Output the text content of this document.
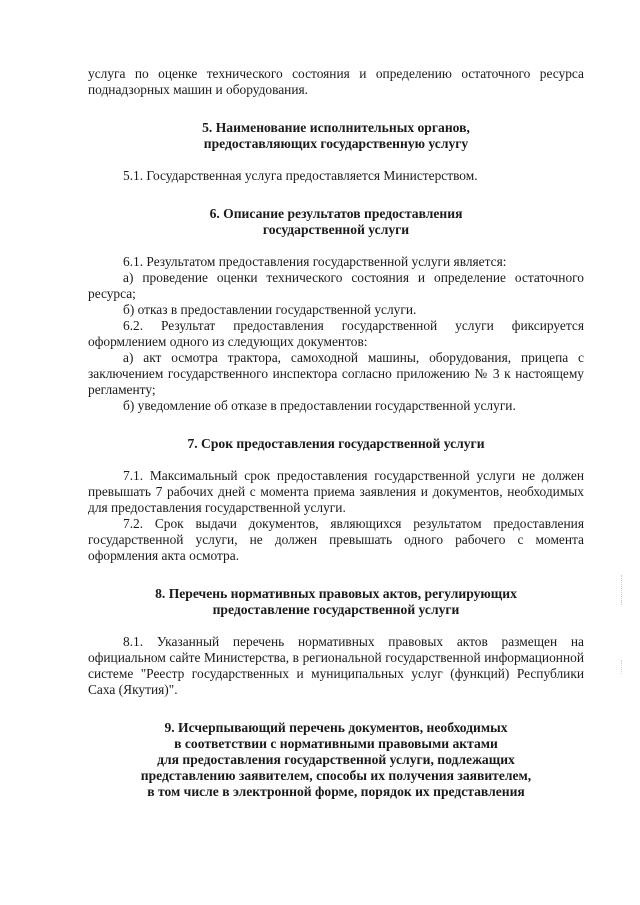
услуга по оценке технического состояния и определению остаточного ресурса поднадзорных машин и оборудования.

5. Наименование исполнительных органов,
предоставляющих государственную услугу

5.1. Государственная услуга предоставляется Министерством.

6. Описание результатов предоставления
государственной услуги

6.1. Результатом предоставления государственной услуги является:

а) проведение оценки технического состояния и определение остаточного ресурса;

б) отказ в предоставлении государственной услуги.

6.2. Результат предоставления государственной услуги фиксируется оформлением одного из следующих документов:

а) акт осмотра трактора, самоходной машины, оборудования, прицепа с заключением государственного инспектора согласно приложению № 3 к настоящему регламенту;

б) уведомление об отказе в предоставлении государственной услуги.

7. Срок предоставления государственной услуги

7.1. Максимальный срок предоставления государственной услуги не должен превышать 7 рабочих дней с момента приема заявления и документов, необходимых для предоставления государственной услуги.

7.2. Срок выдачи документов, являющихся результатом предоставления государственной услуги, не должен превышать одного рабочего с момента оформления акта осмотра.

8. Перечень нормативных правовых актов, регулирующих
предоставление государственной услуги

8.1. Указанный перечень нормативных правовых актов размещен на официальном сайте Министерства, в региональной государственной информационной системе "Реестр государственных и муниципальных услуг (функций) Республики Саха (Якутия)".

9. Исчерпывающий перечень документов, необходимых
в соответствии с нормативными правовыми актами
для предоставления государственной услуги, подлежащих
представлению заявителем, способы их получения заявителем,
в том числе в электронной форме, порядок их представления
